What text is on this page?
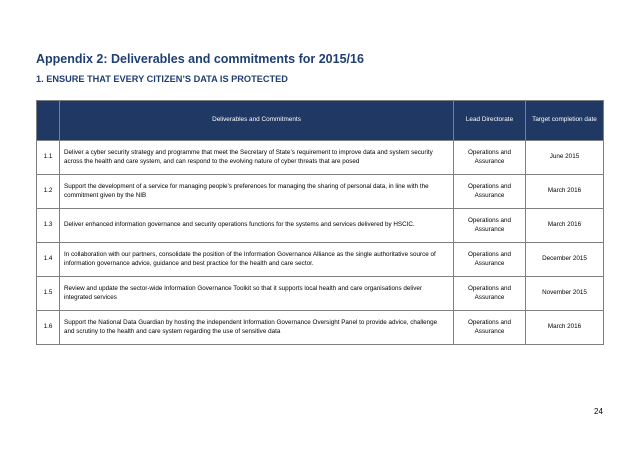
Appendix 2: Deliverables and commitments for 2015/16
1. ENSURE THAT EVERY CITIZEN’S DATA IS PROTECTED
	Deliverables and Commitments	Lead Directorate	Target completion date
1.1	Deliver a cyber security strategy and programme that meet the Secretary of State’s requirement to improve data and system security across the health and care system, and can respond to the evolving nature of cyber threats that are posed	Operations and Assurance	June 2015
1.2	Support the development of a service for managing people’s preferences for managing the sharing of personal data, in line with the commitment given by the NIB	Operations and Assurance	March 2016
1.3	Deliver enhanced information governance and security operations functions for the systems and services delivered by HSCIC.	Operations and Assurance	March 2016
1.4	In collaboration with our partners, consolidate the position of the Information Governance Alliance as the single authoritative source of information governance advice, guidance and best practice for the health and care sector.	Operations and Assurance	December 2015
1.5	Review and update the sector-wide Information Governance Toolkit so that it supports local health and care organisations deliver integrated services	Operations and Assurance	November 2015
1.6	Support the National Data Guardian by hosting the independent Information Governance Oversight Panel to provide advice, challenge and scrutiny to the health and care system regarding the use of sensitive data	Operations and Assurance	March 2016
24
